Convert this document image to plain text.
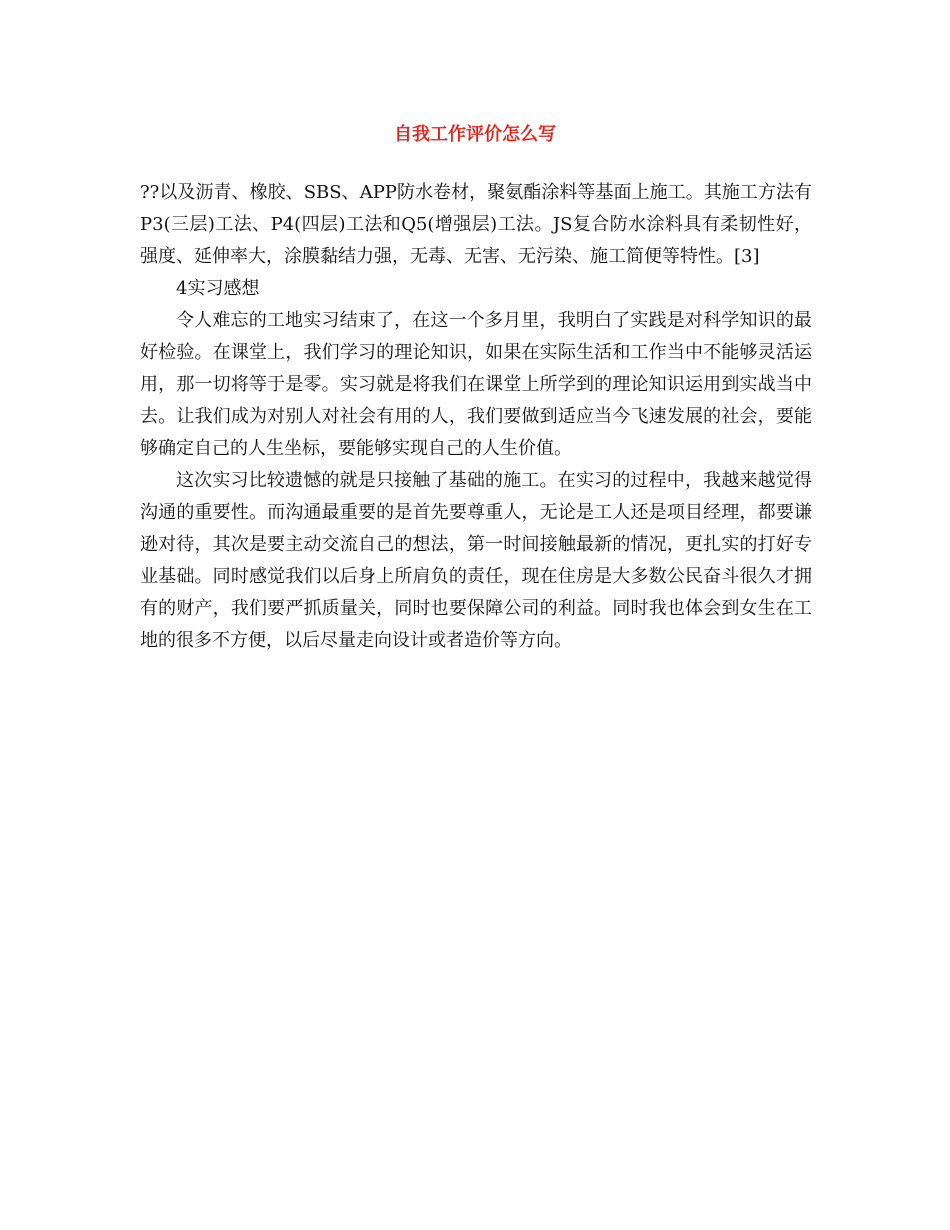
自我工作评价怎么写

??以及沥青、橡胶、SBS、APP防水卷材，聚氨酯涂料等基面上施工。其施工方法有P3(三层)工法、P4(四层)工法和Q5(增强层)工法。JS复合防水涂料具有柔韧性好，强度、延伸率大，涂膜黏结力强，无毒、无害、无污染、施工简便等特性。[3]

4实习感想

令人难忘的工地实习结束了，在这一个多月里，我明白了实践是对科学知识的最好检验。在课堂上，我们学习的理论知识，如果在实际生活和工作当中不能够灵活运用，那一切将等于是零。实习就是将我们在课堂上所学到的理论知识运用到实战当中去。让我们成为对别人对社会有用的人，我们要做到适应当今飞速发展的社会，要能够确定自己的人生坐标，要能够实现自己的人生价值。

这次实习比较遗憾的就是只接触了基础的施工。在实习的过程中，我越来越觉得沟通的重要性。而沟通最重要的是首先要尊重人，无论是工人还是项目经理，都要谦逊对待，其次是要主动交流自己的想法，第一时间接触最新的情况，更扎实的打好专业基础。同时感觉我们以后身上所肩负的责任，现在住房是大多数公民奋斗很久才拥有的财产，我们要严抓质量关，同时也要保障公司的利益。同时我也体会到女生在工地的很多不方便，以后尽量走向设计或者造价等方向。
